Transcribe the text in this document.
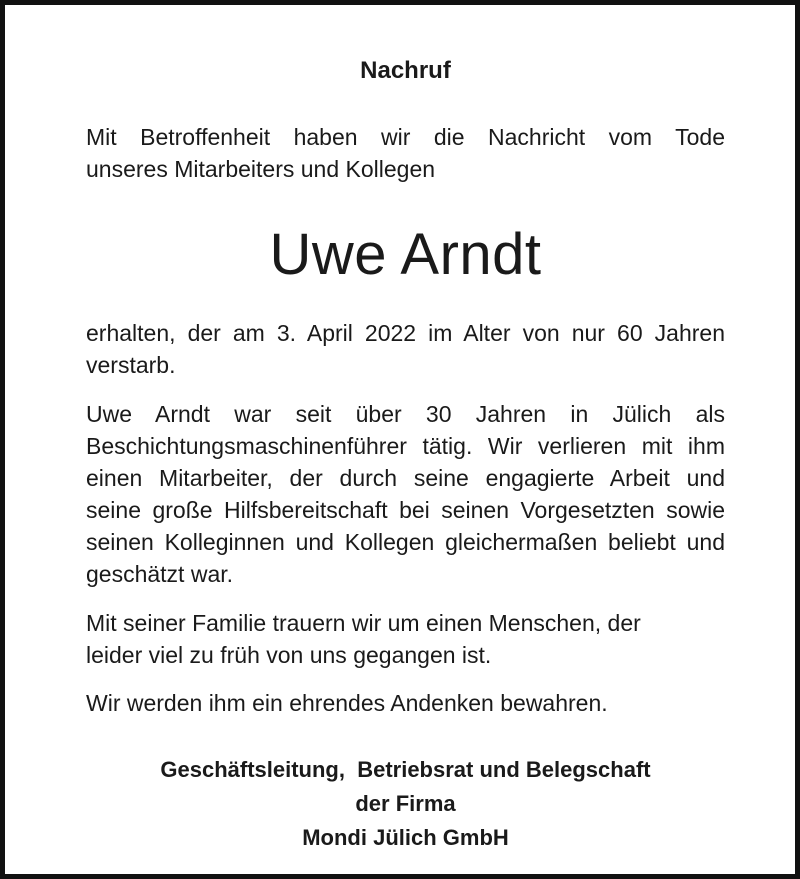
Nachruf

Mit Betroffenheit haben wir die Nachricht vom Tode
unseres Mitarbeiters und Kollegen

Uwe Arndt

erhalten, der am 3. April 2022 im Alter von nur 60 Jahren
verstarb.

Uwe Arndt war seit über 30 Jahren in Jülich als
Beschichtungsmaschinenführer tätig. Wir verlieren mit ihm
einen Mitarbeiter, der durch seine engagierte Arbeit und
seine große Hilfsbereitschaft bei seinen Vorgesetzten sowie
seinen Kolleginnen und Kollegen gleichermaßen beliebt und
geschätzt war.

Mit seiner Familie trauern wir um einen Menschen, der
leider viel zu früh von uns gegangen ist.

Wir werden ihm ein ehrendes Andenken bewahren.

Geschäftsleitung,  Betriebsrat und Belegschaft
der Firma
Mondi Jülich GmbH
